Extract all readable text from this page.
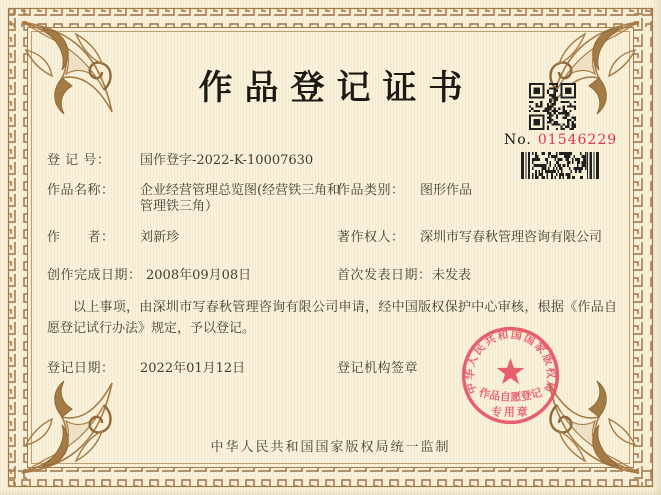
作品登记证书
No. 01546229
登 记 号： 国作登字-2022-K-10007630
作品名称： 企业经营管理总览图(经营铁三角和管理铁三角）
作品类别： 图形作品
作　　者： 刘新珍	著作权人： 深圳市写春秋管理咨询有限公司
创作完成日期： 2008年09月08日	首次发表日期： 未发表
以上事项，由深圳市写春秋管理咨询有限公司申请，经中国版权保护中心审核，根据《作品自愿登记试行办法》规定，予以登记。
登记日期： 2022年01月12日	登记机构签章
中华人民共和国国家版权局
作品自愿登记
专用章
中华人民共和国国家版权局统一监制
